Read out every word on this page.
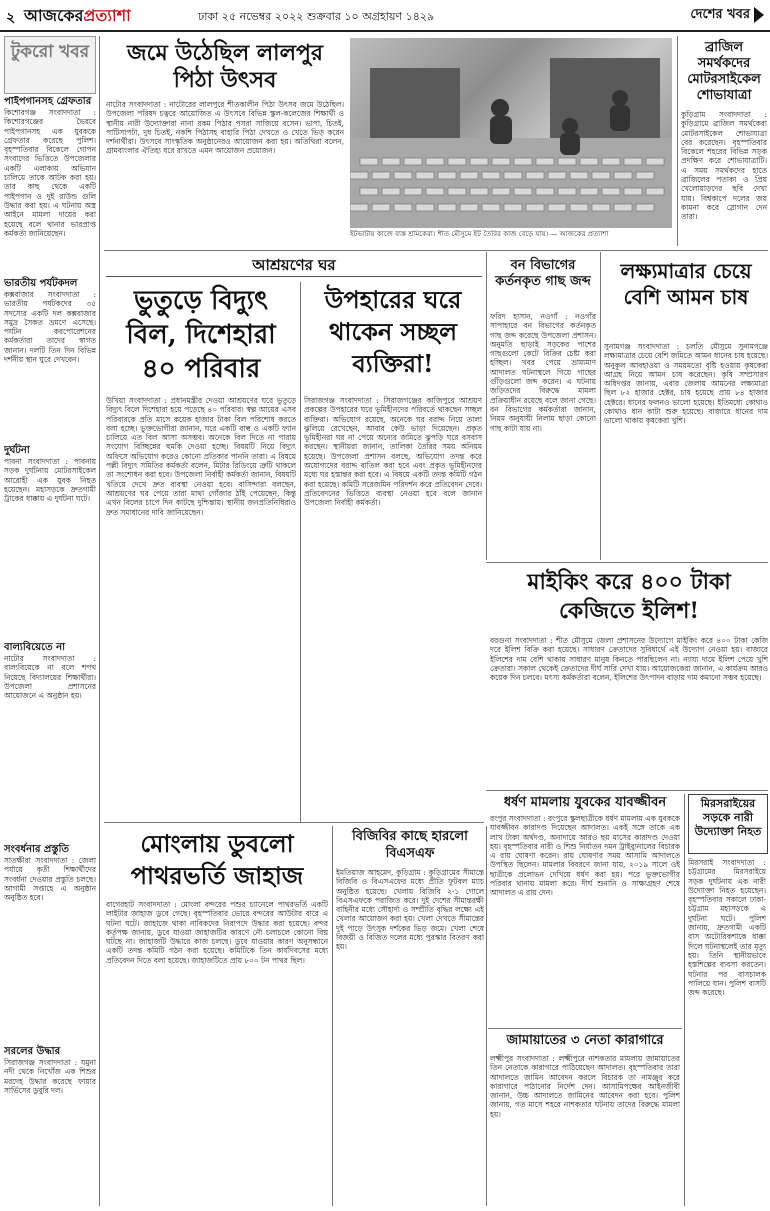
২ আজকেরপ্রত্যাশা	ঢাকা ২৫ নভেম্বর ২০২২ শুক্রবার ১০ অগ্রহায়ণ ১৪২৯	দেশের খবর
টুকরো খবর
পাইপগানসহ গ্রেফতার
কিশোরগঞ্জ সংবাদদাতা : কিশোরগঞ্জের ভৈরবে পাইপগানসহ এক যুবককে গ্রেফতার করেছে পুলিশ। বৃহস্পতিবার বিকেলে গোপন সংবাদের ভিত্তিতে উপজেলার একটি এলাকায় অভিযান চালিয়ে তাকে আটক করা হয়। তার কাছ থেকে একটি পাইপগান ও দুই রাউন্ড গুলি উদ্ধার করা হয়। এ ঘটনায় অস্ত্র আইনে মামলা দায়ের করা হয়েছে বলে থানার ভারপ্রাপ্ত কর্মকর্তা জানিয়েছেন।
ভারতীয় পর্যটকদল
কক্সবাজার সংবাদদাতা : ভারতীয় পর্যটকদের ৩৫ সদস্যের একটি দল কক্সবাজার সমুদ্র সৈকত ভ্রমণে এসেছে। পর্যটন করপোরেশনের কর্মকর্তারা তাদের স্বাগত জানান। দলটি তিন দিন বিভিন্ন দর্শনীয় স্থান ঘুরে দেখবেন।
দুর্ঘটনা
পাবনা সংবাদদাতা : পাবনায় সড়ক দুর্ঘটনায় মোটরসাইকেল আরোহী এক যুবক নিহত হয়েছেন। মহাসড়কে দ্রুতগামী ট্রাকের ধাক্কায় এ দুর্ঘটনা ঘটে।
বাল্যবিয়েতে না
নাটোর সংবাদদাতা : বাল্যবিয়েকে না বলে শপথ নিয়েছে বিদ্যালয়ের শিক্ষার্থীরা। উপজেলা প্রশাসনের আয়োজনে এ অনুষ্ঠান হয়।
সংবর্ধনার প্রস্তুতি
সাতক্ষীরা সংবাদদাতা : জেলা পর্যায়ে কৃতী শিক্ষার্থীদের সংবর্ধনা দেওয়ার প্রস্তুতি চলছে। আগামী সপ্তাহে এ অনুষ্ঠান অনুষ্ঠিত হবে।
সরলের উদ্ধার
সিরাজগঞ্জ সংবাদদাতা : যমুনা নদী থেকে নিখোঁজ এক শিশুর মরদেহ উদ্ধার করেছে ফায়ার সার্ভিসের ডুবুরি দল।
জমে উঠেছিল লালপুর পিঠা উৎসব
নাটোর সংবাদদাতা : নাটোরের লালপুরে শীতকালীন পিঠা উৎসব জমে উঠেছিল। উপজেলা পরিষদ চত্বরে আয়োজিত এ উৎসবে বিভিন্ন স্কুল-কলেজের শিক্ষার্থী ও স্থানীয় নারী উদ্যোক্তারা নানা রকম পিঠার পসরা সাজিয়ে বসেন। ভাপা, চিতই, পাটিসাপটা, দুধ চিতই, নকশি পিঠাসহ বাহারি পিঠা দেখতে ও খেতে ভিড় করেন দর্শনার্থীরা। উৎসবে সাংস্কৃতিক অনুষ্ঠানেরও আয়োজন করা হয়। অতিথিরা বলেন, গ্রামবাংলার ঐতিহ্য ধরে রাখতে এমন আয়োজন প্রয়োজন।
ইটভাটায় কাজে ব্যস্ত শ্রমিকেরা। শীত মৌসুমে ইট তৈরির কাজ বেড়ে যায়। — আজকের প্রত্যাশা
ব্রাজিল সমর্থকদের মোটরসাইকেল শোভাযাত্রা
কুড়িগ্রাম সংবাদদাতা : কুড়িগ্রামে ব্রাজিল সমর্থকেরা মোটরসাইকেল শোভাযাত্রা বের করেছেন। বৃহস্পতিবার বিকেলে শহরের বিভিন্ন সড়ক প্রদক্ষিণ করে শোভাযাত্রাটি। এ সময় সমর্থকদের হাতে ব্রাজিলের পতাকা ও প্রিয় খেলোয়াড়দের ছবি দেখা যায়। বিশ্বকাপে দলের জয় কামনা করে স্লোগান দেন তারা।
আশ্রয়ণের ঘর
ভুতুড়ে বিদ্যুৎ বিল, দিশেহারা ৪০ পরিবার
উখিয়া সংবাদদাতা : প্রধানমন্ত্রীর দেওয়া আশ্রয়ণের ঘরে ভুতুড়ে বিদ্যুৎ বিলে দিশেহারা হয়ে পড়েছে ৪০ পরিবার। স্বল্প আয়ের এসব পরিবারকে প্রতি মাসে কয়েক হাজার টাকা বিল পরিশোধ করতে বলা হচ্ছে। ভুক্তভোগীরা জানান, ঘরে একটি বাল্ব ও একটি ফ্যান চালিয়ে এত বিল আসা অসম্ভব। অনেকে বিল দিতে না পারায় সংযোগ বিচ্ছিন্নের হুমকি দেওয়া হচ্ছে। বিষয়টি নিয়ে বিদ্যুৎ অফিসে অভিযোগ করেও কোনো প্রতিকার পাননি তারা। এ বিষয়ে পল্লী বিদ্যুৎ সমিতির কর্মকর্তা বলেন, মিটার রিডিংয়ে ত্রুটি থাকলে তা সংশোধন করা হবে। উপজেলা নির্বাহী কর্মকর্তা জানান, বিষয়টি খতিয়ে দেখে দ্রুত ব্যবস্থা নেওয়া হবে। বাসিন্দারা বলছেন, আশ্রয়ণের ঘর পেয়ে তারা মাথা গোঁজার ঠাঁই পেয়েছেন, কিন্তু এখন বিলের চাপে দিন কাটছে দুশ্চিন্তায়। স্থানীয় জনপ্রতিনিধিরাও দ্রুত সমাধানের দাবি জানিয়েছেন।
উপহারের ঘরে থাকেন সচ্ছল ব্যক্তিরা!
সিরাজগঞ্জ সংবাদদাতা : সিরাজগঞ্জের কাজিপুরে আশ্রয়ণ প্রকল্পের উপহারের ঘরে ভূমিহীনদের পরিবর্তে থাকছেন সচ্ছল ব্যক্তিরা। অভিযোগ রয়েছে, অনেকে ঘর বরাদ্দ নিয়ে তালা ঝুলিয়ে রেখেছেন, আবার কেউ ভাড়া দিয়েছেন। প্রকৃত ভূমিহীনরা ঘর না পেয়ে অন্যের জমিতে ঝুপড়ি ঘরে বসবাস করছেন। স্থানীয়রা জানান, তালিকা তৈরির সময় অনিয়ম হয়েছে। উপজেলা প্রশাসন বলছে, অভিযোগ তদন্ত করে অযোগ্যদের বরাদ্দ বাতিল করা হবে এবং প্রকৃত ভূমিহীনদের মধ্যে ঘর হস্তান্তর করা হবে। এ বিষয়ে একটি তদন্ত কমিটি গঠন করা হয়েছে। কমিটি সরেজমিন পরিদর্শন করে প্রতিবেদন দেবে। প্রতিবেদনের ভিত্তিতে ব্যবস্থা নেওয়া হবে বলে জানান উপজেলা নির্বাহী কর্মকর্তা।
বন বিভাগের কর্তনকৃত গাছ জব্দ
ফরিদ হাসান, নওগাঁ : নওগাঁর সাপাহারে বন বিভাগের কর্তনকৃত গাছ জব্দ করেছে উপজেলা প্রশাসন। অনুমতি ছাড়াই সড়কের পাশের গাছগুলো কেটে বিক্রির চেষ্টা করা হচ্ছিল। খবর পেয়ে ভ্রাম্যমাণ আদালত ঘটনাস্থলে গিয়ে গাছের গুঁড়িগুলো জব্দ করেন। এ ঘটনায় জড়িতদের বিরুদ্ধে মামলা প্রক্রিয়াধীন রয়েছে বলে জানা গেছে। বন বিভাগের কর্মকর্তারা জানান, নিয়ম অনুযায়ী নিলাম ছাড়া কোনো গাছ কাটা যায় না।
লক্ষ্যমাত্রার চেয়ে বেশি আমন চাষ
সুনামগঞ্জ সংবাদদাতা : চলতি মৌসুমে সুনামগঞ্জে লক্ষ্যমাত্রার চেয়ে বেশি জমিতে আমন ধানের চাষ হয়েছে। অনুকূল আবহাওয়া ও সময়মতো বৃষ্টি হওয়ায় কৃষকেরা আগ্রহ নিয়ে আমন চাষ করেছেন। কৃষি সম্প্রসারণ অধিদপ্তর জানায়, এবার জেলায় আমনের লক্ষ্যমাত্রা ছিল ৮২ হাজার হেক্টর, চাষ হয়েছে প্রায় ৮৪ হাজার হেক্টরে। ধানের ফলনও ভালো হয়েছে। ইতিমধ্যে কোথাও কোথাও ধান কাটা শুরু হয়েছে। বাজারে ধানের দাম ভালো থাকায় কৃষকেরা খুশি।
মাইকিং করে ৪০০ টাকা কেজিতে ইলিশ!
বরগুনা সংবাদদাতা : শীত মৌসুমে জেলা প্রশাসনের উদ্যোগে মাইকিং করে ৪০০ টাকা কেজি দরে ইলিশ বিক্রি করা হয়েছে। সাধারণ ক্রেতাদের সুবিধার্থে এই উদ্যোগ নেওয়া হয়। বাজারে ইলিশের দাম বেশি থাকায় সাধারণ মানুষ কিনতে পারছিলেন না। ন্যায্য দামে ইলিশ পেয়ে খুশি ক্রেতারা। সকাল থেকেই ক্রেতাদের দীর্ঘ সারি দেখা যায়। আয়োজকেরা জানান, এ কার্যক্রম আরও কয়েক দিন চলবে। মৎস্য কর্মকর্তারা বলেন, ইলিশের উৎপাদন বাড়ায় দাম কমানো সম্ভব হয়েছে।
ধর্ষণ মামলায় যুবকের যাবজ্জীবন
রংপুর সংবাদদাতা : রংপুরে স্কুলছাত্রীকে ধর্ষণ মামলায় এক যুবককে যাবজ্জীবন কারাদণ্ড দিয়েছেন আদালত। একই সঙ্গে তাকে এক লাখ টাকা অর্থদণ্ড, অনাদায়ে আরও ছয় মাসের কারাদণ্ড দেওয়া হয়। বৃহস্পতিবার নারী ও শিশু নির্যাতন দমন ট্রাইব্যুনালের বিচারক এ রায় ঘোষণা করেন। রায় ঘোষণার সময় আসামি আদালতে উপস্থিত ছিলেন। মামলার বিবরণে জানা যায়, ২০১৯ সালে ওই ছাত্রীকে প্রলোভন দেখিয়ে ধর্ষণ করা হয়। পরে ভুক্তভোগীর পরিবার থানায় মামলা করে। দীর্ঘ শুনানি ও সাক্ষ্যগ্রহণ শেষে আদালত এ রায় দেন।
মিরসরাইয়ের সড়কে নারী উদ্যোক্তা নিহত
মিরসরাই সংবাদদাতা : চট্টগ্রামের মিরসরাইয়ে সড়ক দুর্ঘটনায় এক নারী উদ্যোক্তা নিহত হয়েছেন। বৃহস্পতিবার সকালে ঢাকা-চট্টগ্রাম মহাসড়কে এ দুর্ঘটনা ঘটে। পুলিশ জানায়, দ্রুতগামী একটি বাস অটোরিকশাকে ধাক্কা দিলে ঘটনাস্থলেই তার মৃত্যু হয়। তিনি স্থানীয়ভাবে হস্তশিল্পের ব্যবসা করতেন। ঘটনার পর বাসচালক পালিয়ে যান। পুলিশ বাসটি জব্দ করেছে।
মোংলায় ডুবলো পাথরভর্তি জাহাজ
বাগেরহাট সংবাদদাতা : মোংলা বন্দরের পশুর চ্যানেলে পাথরভর্তি একটি লাইটার জাহাজ ডুবে গেছে। বৃহস্পতিবার ভোরে বন্দরের আউটার বারে এ ঘটনা ঘটে। জাহাজে থাকা নাবিকদের নিরাপদে উদ্ধার করা হয়েছে। বন্দর কর্তৃপক্ষ জানায়, ডুবে যাওয়া জাহাজটির কারণে নৌ চলাচলে কোনো বিঘ্ন ঘটছে না। জাহাজটি উদ্ধারে কাজ চলছে। ডুবে যাওয়ার কারণ অনুসন্ধানে একটি তদন্ত কমিটি গঠন করা হয়েছে। কমিটিকে তিন কার্যদিবসের মধ্যে প্রতিবেদন দিতে বলা হয়েছে। জাহাজটিতে প্রায় ৮০০ টন পাথর ছিল।
বিজিবির কাছে হারলো বিএসএফ
ইমতিয়াজ আহমেদ, কুড়িগ্রাম : কুড়িগ্রামের সীমান্তে বিজিবি ও বিএসএফের মধ্যে প্রীতি ফুটবল ম্যাচ অনুষ্ঠিত হয়েছে। খেলায় বিজিবি ২-১ গোলে বিএসএফকে পরাজিত করে। দুই দেশের সীমান্তরক্ষী বাহিনীর মধ্যে সৌহার্দ্য ও সম্প্রীতি বৃদ্ধির লক্ষ্যে এই খেলার আয়োজন করা হয়। খেলা দেখতে সীমান্তের দুই পাড়ে উৎসুক দর্শকের ভিড় জমে। খেলা শেষে বিজয়ী ও বিজিত দলের মধ্যে পুরস্কার বিতরণ করা হয়।
জামায়াতের ৩ নেতা কারাগারে
লক্ষ্মীপুর সংবাদদাতা : লক্ষ্মীপুরে নাশকতার মামলায় জামায়াতের তিন নেতাকে কারাগারে পাঠিয়েছেন আদালত। বৃহস্পতিবার তারা আদালতে জামিন আবেদন করলে বিচারক তা নামঞ্জুর করে কারাগারে পাঠানোর নির্দেশ দেন। আসামিপক্ষের আইনজীবী জানান, উচ্চ আদালতে জামিনের আবেদন করা হবে। পুলিশ জানায়, গত মাসে শহরে নাশকতার ঘটনায় তাদের বিরুদ্ধে মামলা হয়।
